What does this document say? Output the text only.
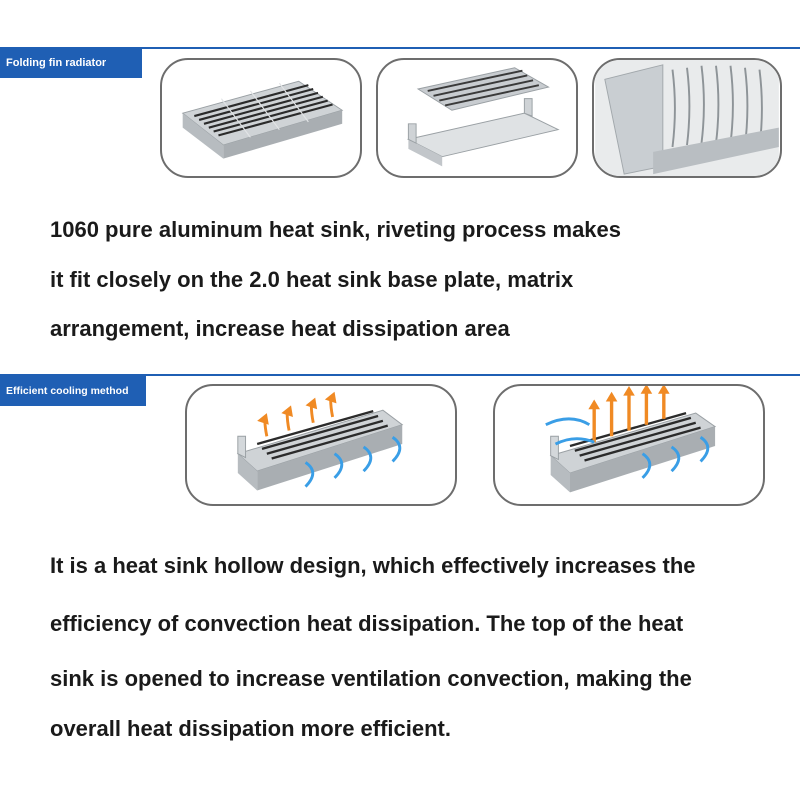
Folding fin radiator
1060 pure aluminum heat sink, riveting process makes
it fit closely on the 2.0 heat sink base plate, matrix
arrangement, increase heat dissipation area
Efficient cooling method
It is a heat sink hollow design, which effectively increases the
efficiency of convection heat dissipation. The top of the heat
sink is opened to increase ventilation convection, making the
overall heat dissipation more efficient.
